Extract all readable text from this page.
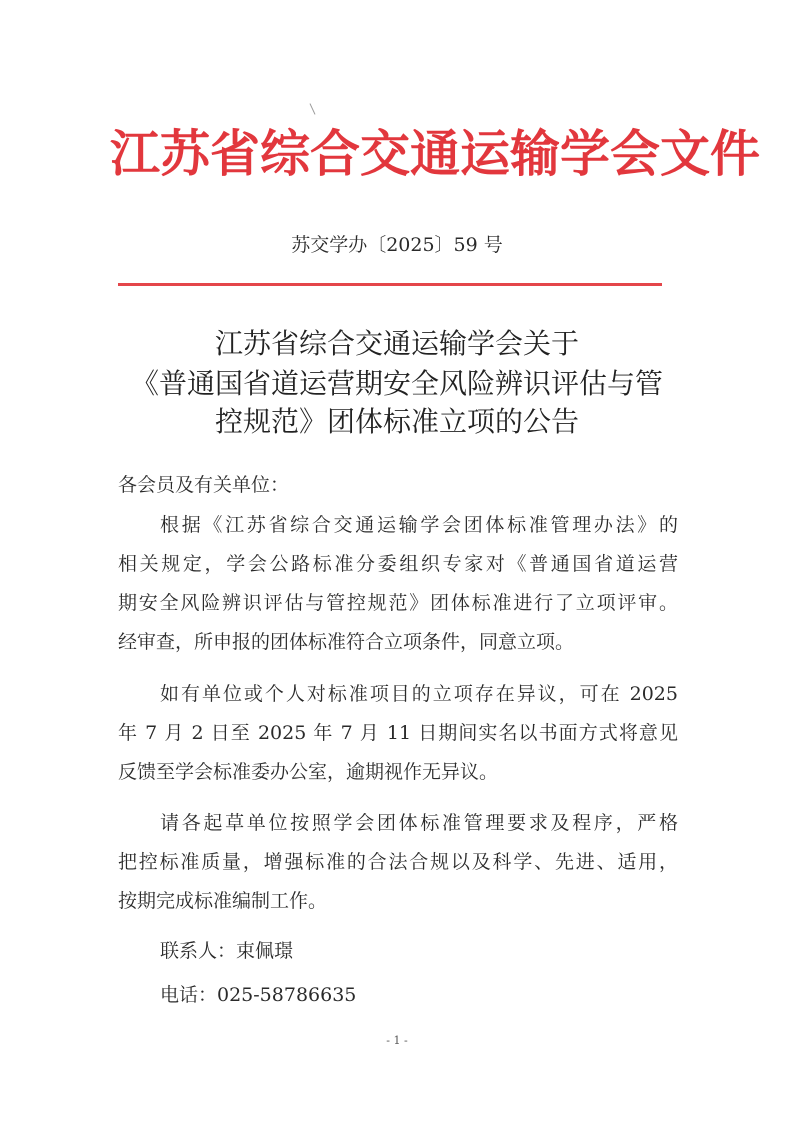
江 苏 省 综 合 交 通 运 输 学 会 文 件
苏交学办〔2025〕59 号
江苏省综合交通运输学会关于
《普通国省道运营期安全风险辨识评估与管
控规范》团体标准立项的公告
各会员及有关单位：
根据《江苏省综合交通运输学会团体标准管理办法》的
相关规定，学会公路标准分委组织专家对《普通国省道运营
期安全风险辨识评估与管控规范》团体标准进行了立项评审。
经审查，所申报的团体标准符合立项条件，同意立项。
如有单位或个人对标准项目的立项存在异议，可在 2025
年 7 月 2 日至 2025 年 7 月 11 日期间实名以书面方式将意见
反馈至学会标准委办公室，逾期视作无异议。
请各起草单位按照学会团体标准管理要求及程序，严格
把控标准质量，增强标准的合法合规以及科学、先进、适用，
按期完成标准编制工作。
联系人：束佩璟
电话：025-58786635
- 1 -
